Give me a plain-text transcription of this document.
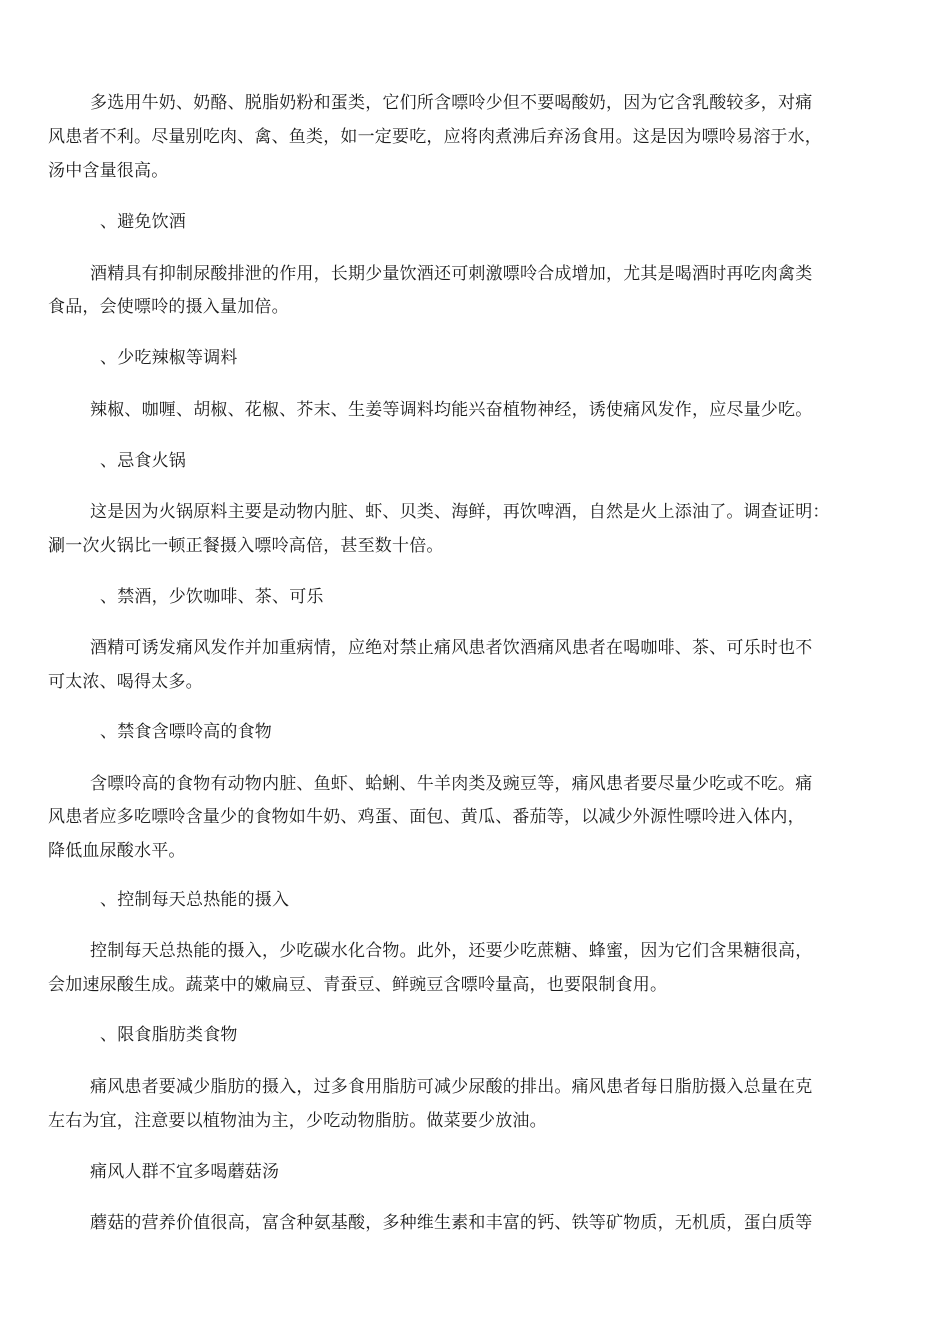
多选用牛奶、奶酪、脱脂奶粉和蛋类，它们所含嘌呤少但不要喝酸奶，因为它含乳酸较多，对痛
风患者不利。尽量别吃肉、禽、鱼类，如一定要吃，应将肉煮沸后弃汤食用。这是因为嘌呤易溶于水，
汤中含量很高。
、避免饮酒
酒精具有抑制尿酸排泄的作用，长期少量饮酒还可刺激嘌呤合成增加，尤其是喝酒时再吃肉禽类
食品，会使嘌呤的摄入量加倍。
、少吃辣椒等调料
辣椒、咖喱、胡椒、花椒、芥末、生姜等调料均能兴奋植物神经，诱使痛风发作，应尽量少吃。
、忌食火锅
这是因为火锅原料主要是动物内脏、虾、贝类、海鲜，再饮啤酒，自然是火上添油了。调查证明：
涮一次火锅比一顿正餐摄入嘌呤高倍，甚至数十倍。
、禁酒，少饮咖啡、茶、可乐
酒精可诱发痛风发作并加重病情，应绝对禁止痛风患者饮酒痛风患者在喝咖啡、茶、可乐时也不
可太浓、喝得太多。
、禁食含嘌呤高的食物
含嘌呤高的食物有动物内脏、鱼虾、蛤蜊、牛羊肉类及豌豆等，痛风患者要尽量少吃或不吃。痛
风患者应多吃嘌呤含量少的食物如牛奶、鸡蛋、面包、黄瓜、番茄等，以减少外源性嘌呤进入体内，
降低血尿酸水平。
、控制每天总热能的摄入
控制每天总热能的摄入，少吃碳水化合物。此外，还要少吃蔗糖、蜂蜜，因为它们含果糖很高，
会加速尿酸生成。蔬菜中的嫩扁豆、青蚕豆、鲜豌豆含嘌呤量高，也要限制食用。
、限食脂肪类食物
痛风患者要减少脂肪的摄入，过多食用脂肪可减少尿酸的排出。痛风患者每日脂肪摄入总量在克
左右为宜，注意要以植物油为主，少吃动物脂肪。做菜要少放油。
痛风人群不宜多喝蘑菇汤
蘑菇的营养价值很高，富含种氨基酸，多种维生素和丰富的钙、铁等矿物质，无机质，蛋白质等
